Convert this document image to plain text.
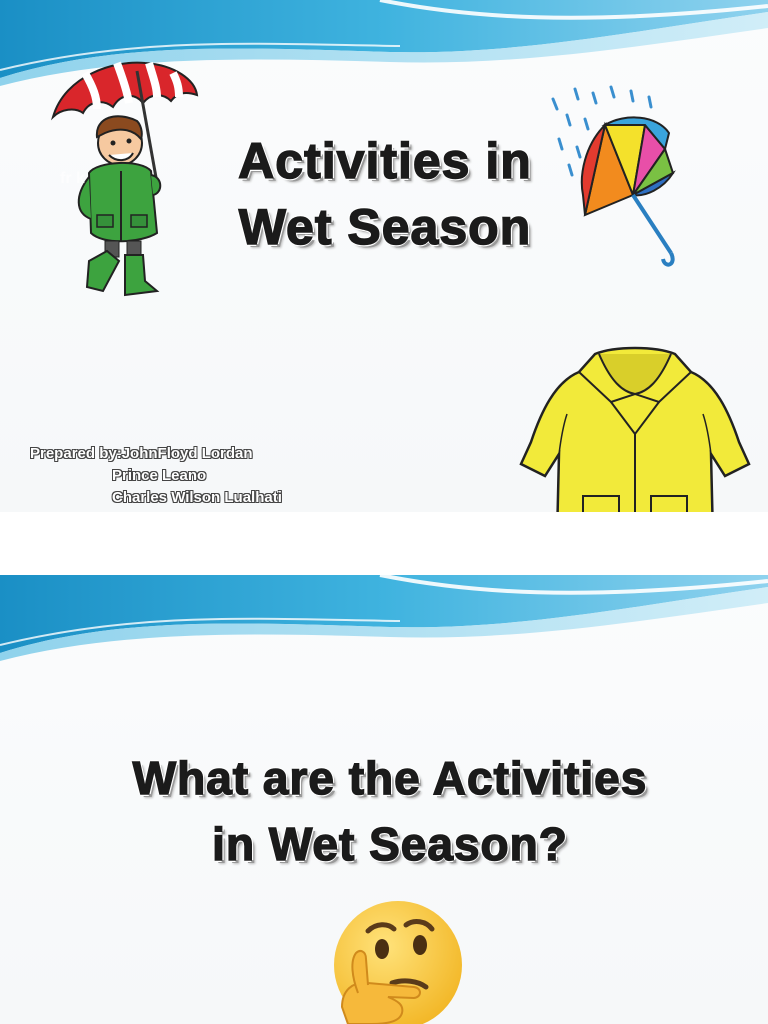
fr k	Activities in
Wet Season
Prepared by:JohnFloyd Lordan
Prince Leano
Charles Wilson Lualhati
What are the Activities
in Wet Season?
